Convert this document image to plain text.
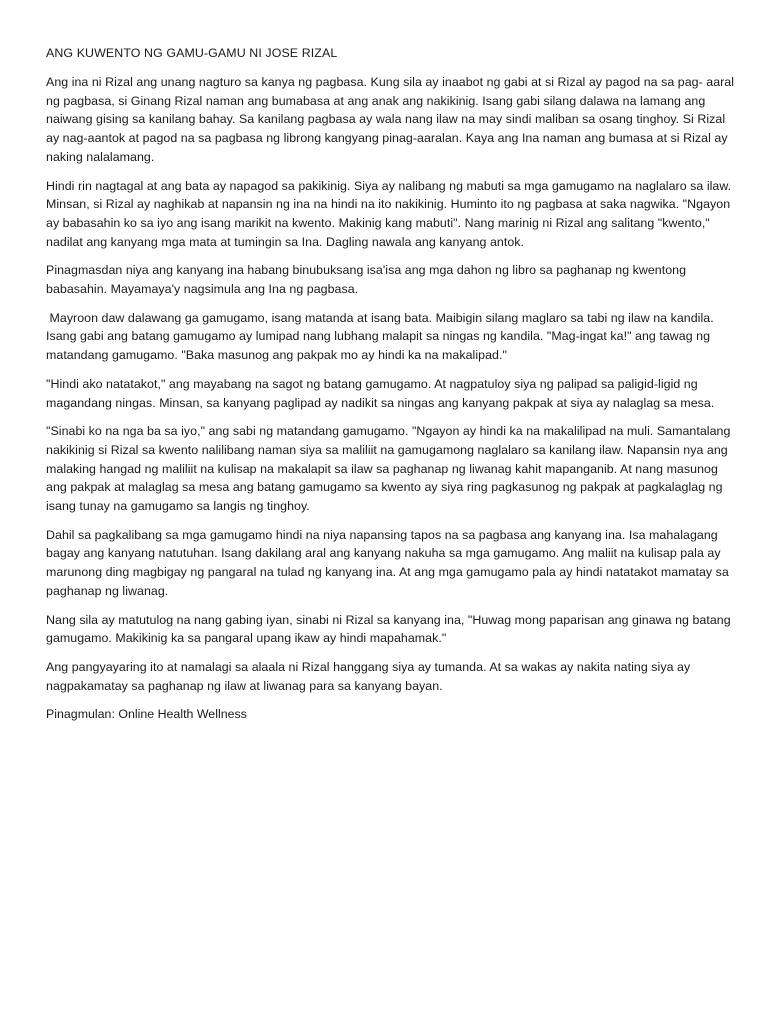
ANG KUWENTO NG GAMU-GAMU NI JOSE RIZAL

Ang ina ni Rizal ang unang nagturo sa kanya ng pagbasa. Kung sila ay inaabot ng gabi at si Rizal ay pagod na sa pag- aaral ng pagbasa, si Ginang Rizal naman ang bumabasa at ang anak ang nakikinig. Isang gabi silang dalawa na lamang ang naiwang gising sa kanilang bahay. Sa kanilang pagbasa ay wala nang ilaw na may sindi maliban sa osang tinghoy. Si Rizal ay nag-aantok at pagod na sa pagbasa ng librong kangyang pinag-aaralan. Kaya ang Ina naman ang bumasa at si Rizal ay naking nalalamang.

Hindi rin nagtagal at ang bata ay napagod sa pakikinig. Siya ay nalibang ng mabuti sa mga gamugamo na naglalaro sa ilaw. Minsan, si Rizal ay naghikab at napansin ng ina na hindi na ito nakikinig. Huminto ito ng pagbasa at saka nagwika. "Ngayon ay babasahin ko sa iyo ang isang marikit na kwento. Makinig kang mabuti". Nang marinig ni Rizal ang salitang "kwento," nadilat ang kanyang mga mata at tumingin sa Ina. Dagling nawala ang kanyang antok.

Pinagmasdan niya ang kanyang ina habang binubuksang isa'isa ang mga dahon ng libro sa paghanap ng kwentong babasahin. Mayamaya'y nagsimula ang Ina ng pagbasa.

Mayroon daw dalawang ga gamugamo, isang matanda at isang bata. Maibigin silang maglaro sa tabi ng ilaw na kandila. Isang gabi ang batang gamugamo ay lumipad nang lubhang malapit sa ningas ng kandila. "Mag-ingat ka!" ang tawag ng matandang gamugamo. "Baka masunog ang pakpak mo ay hindi ka na makalipad."

"Hindi ako natatakot," ang mayabang na sagot ng batang gamugamo. At nagpatuloy siya ng palipad sa paligid-ligid ng magandang ningas. Minsan, sa kanyang paglipad ay nadikit sa ningas ang kanyang pakpak at siya ay nalaglag sa mesa.

"Sinabi ko na nga ba sa iyo," ang sabi ng matandang gamugamo. "Ngayon ay hindi ka na makalilipad na muli. Samantalang nakikinig si Rizal sa kwento nalilibang naman siya sa maliliit na gamugamong naglalaro sa kanilang ilaw. Napansin nya ang malaking hangad ng maliliit na kulisap na makalapit sa ilaw sa paghanap ng liwanag kahit mapanganib. At nang masunog ang pakpak at malaglag sa mesa ang batang gamugamo sa kwento ay siya ring pagkasunog ng pakpak at pagkalaglag ng isang tunay na gamugamo sa langis ng tinghoy.

Dahil sa pagkalibang sa mga gamugamo hindi na niya napansing tapos na sa pagbasa ang kanyang ina. Isa mahalagang bagay ang kanyang natutuhan. Isang dakilang aral ang kanyang nakuha sa mga gamugamo. Ang maliit na kulisap pala ay marunong ding magbigay ng pangaral na tulad ng kanyang ina. At ang mga gamugamo pala ay hindi natatakot mamatay sa paghanap ng liwanag.

Nang sila ay matutulog na nang gabing iyan, sinabi ni Rizal sa kanyang ina, "Huwag mong paparisan ang ginawa ng batang gamugamo. Makikinig ka sa pangaral upang ikaw ay hindi mapahamak."

Ang pangyayaring ito at namalagi sa alaala ni Rizal hanggang siya ay tumanda. At sa wakas ay nakita nating siya ay nagpakamatay sa paghanap ng ilaw at liwanag para sa kanyang bayan.

Pinagmulan: Online Health Wellness
